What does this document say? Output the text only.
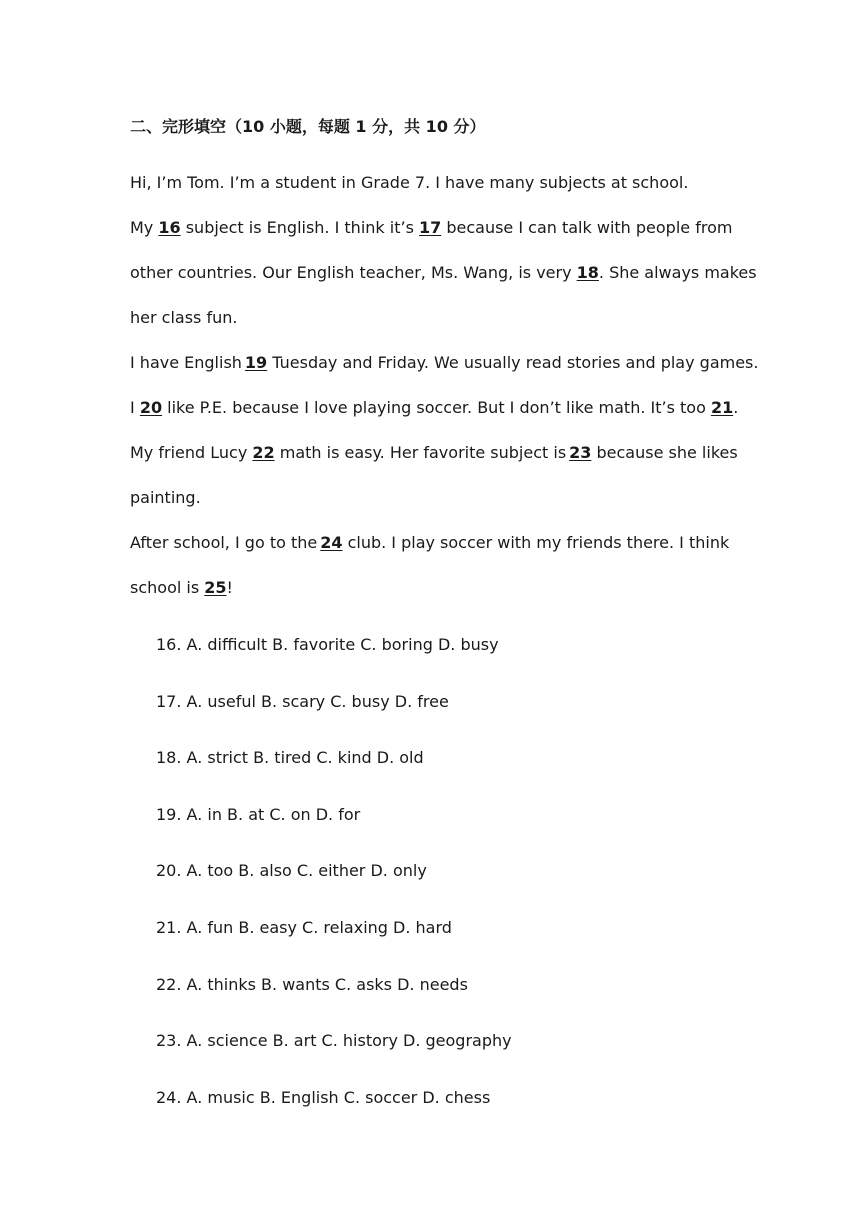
二、完形填空（10 小题，每题 1 分，共 10 分）
Hi, I’m Tom. I’m a student in Grade 7. I have many subjects at school.
My 16 subject is English. I think it’s 17 because I can talk with people from
other countries. Our English teacher, Ms. Wang, is very 18. She always makes
her class fun.
I have English 19 Tuesday and Friday. We usually read stories and play games.
I 20 like P.E. because I love playing soccer. But I don’t like math. It’s too 21.
My friend Lucy 22 math is easy. Her favorite subject is 23 because she likes
painting.
After school, I go to the 24 club. I play soccer with my friends there. I think
school is 25!
16. A. difficult B. favorite C. boring D. busy
17. A. useful B. scary C. busy D. free
18. A. strict B. tired C. kind D. old
19. A. in B. at C. on D. for
20. A. too B. also C. either D. only
21. A. fun B. easy C. relaxing D. hard
22. A. thinks B. wants C. asks D. needs
23. A. science B. art C. history D. geography
24. A. music B. English C. soccer D. chess
